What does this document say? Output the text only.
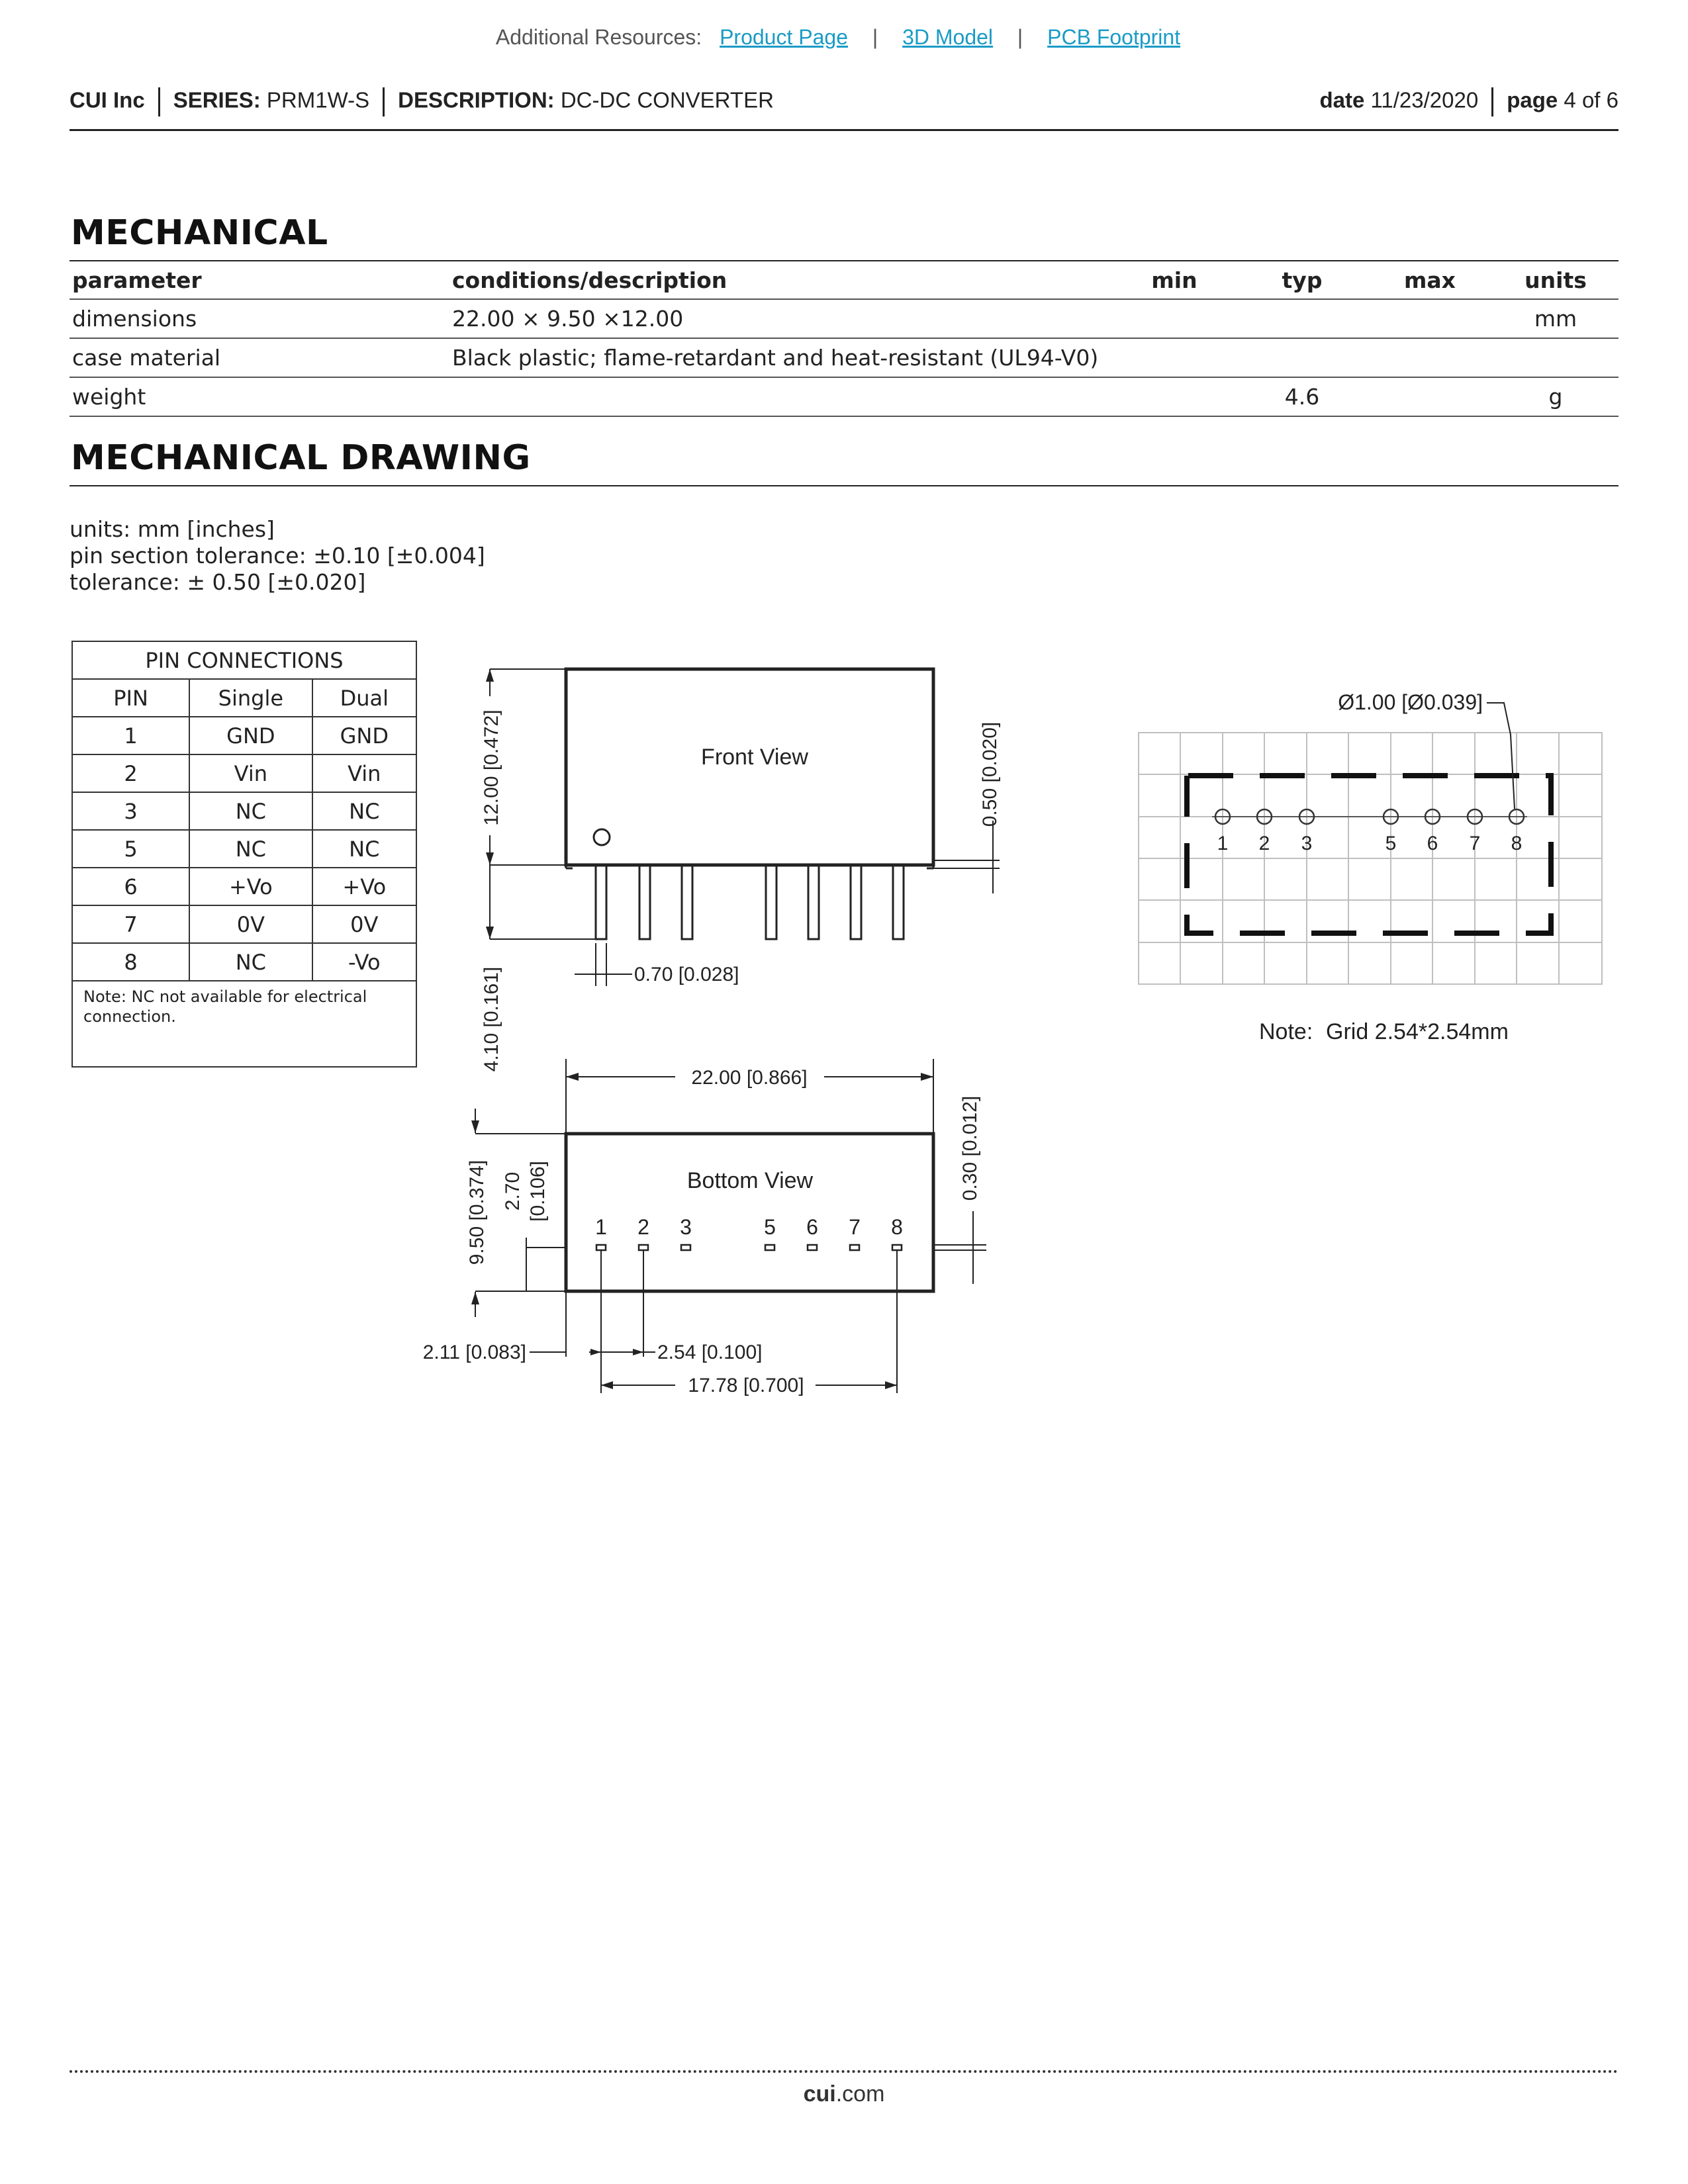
Additional Resources: Product Page | 3D Model | PCB Footprint
CUI Inc SERIES: PRM1W-S DESCRIPTION: DC-DC CONVERTER	date 11/23/2020 page 4 of 6
MECHANICAL
parameter	conditions/description	min	typ	max	units
dimensions	22.00 × 9.50 ×12.00				mm
case material	Black plastic; flame-retardant and heat-resistant (UL94-V0)				
weight			4.6		g
MECHANICAL DRAWING
units: mm [inches]
pin section tolerance: ±0.10 [±0.004]
tolerance: ± 0.50 [±0.020]
PIN CONNECTIONS		
PIN	Single	Dual
1	GND	GND
2	Vin	Vin
3	NC	NC
5	NC	NC
6	+Vo	+Vo
7	0V	0V
8	NC	-Vo
Note: NC not available for electrical connection.		
Front View
12.00 [0.472]
4.10 [0.161]
0.50 [0.020]
0.70 [0.028]
Bottom View
1 2 3	5 6 7 8
22.00 [0.866]
9.50 [0.374] 2.70 [0.106]	0.30 [0.012]
2.11 [0.083]	2.54 [0.100]
17.78 [0.700]
1 2 3	5 6 7 8
Ø1.00 [Ø0.039]
Note: Grid 2.54*2.54mm
cui.com
